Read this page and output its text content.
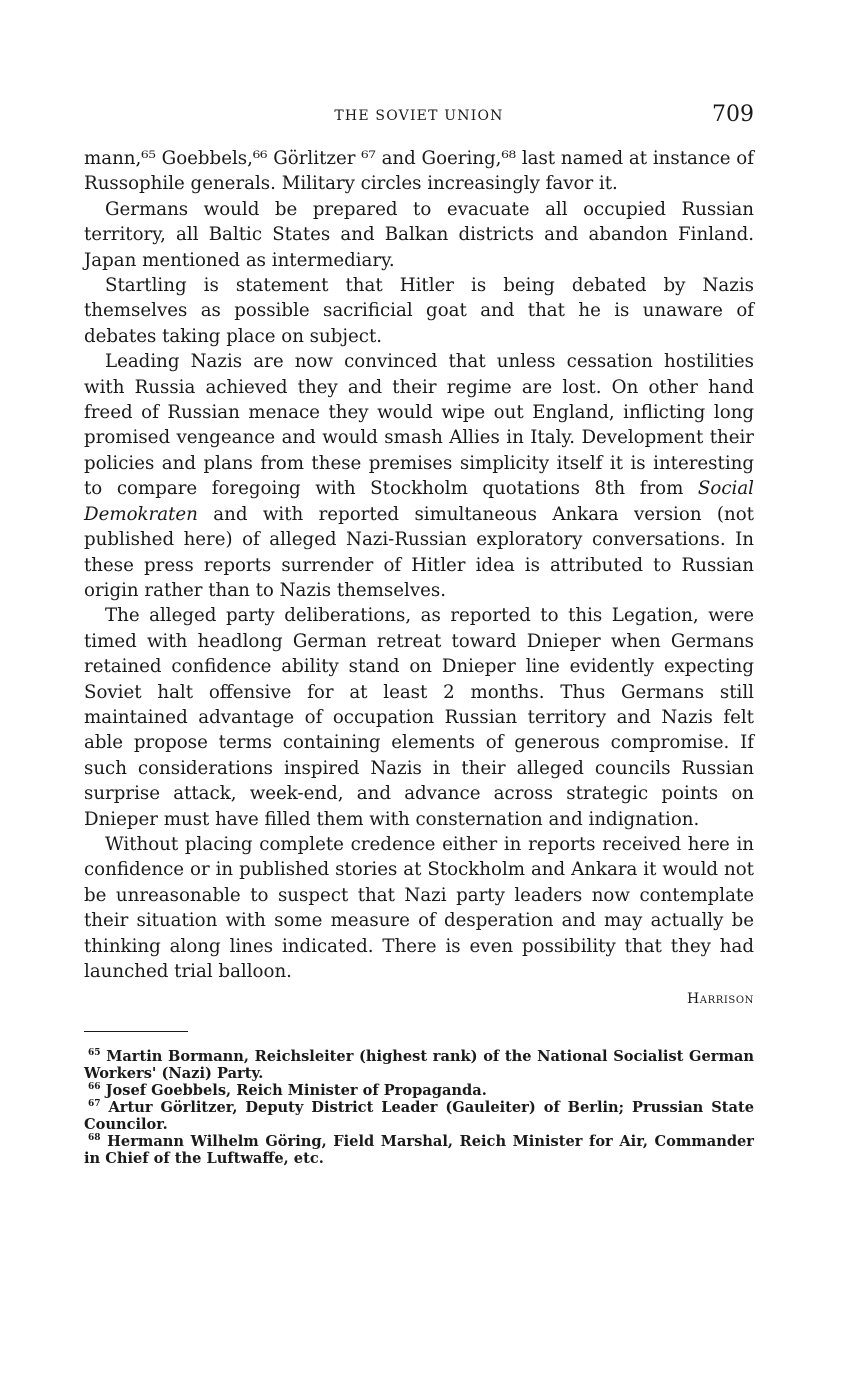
THE SOVIET UNION	709

mann,⁶⁵ Goebbels,⁶⁶ Görlitzer ⁶⁷ and Goering,⁶⁸ last named at instance of Russophile generals. Military circles increasingly favor it.

Germans would be prepared to evacuate all occupied Russian territory, all Baltic States and Balkan districts and abandon Finland. Japan mentioned as intermediary.

Startling is statement that Hitler is being debated by Nazis themselves as possible sacrificial goat and that he is unaware of debates taking place on subject.

Leading Nazis are now convinced that unless cessation hostilities with Russia achieved they and their regime are lost. On other hand freed of Russian menace they would wipe out England, inflicting long promised vengeance and would smash Allies in Italy. Development their policies and plans from these premises simplicity itself it is interesting to compare foregoing with Stockholm quotations 8th from Social Demokraten and with reported simultaneous Ankara version (not published here) of alleged Nazi-Russian exploratory conversations. In these press reports surrender of Hitler idea is attributed to Russian origin rather than to Nazis themselves.

The alleged party deliberations, as reported to this Legation, were timed with headlong German retreat toward Dnieper when Germans retained confidence ability stand on Dnieper line evidently expecting Soviet halt offensive for at least 2 months. Thus Germans still maintained advantage of occupation Russian territory and Nazis felt able propose terms containing elements of generous compromise. If such considerations inspired Nazis in their alleged councils Russian surprise attack, week-end, and advance across strategic points on Dnieper must have filled them with consternation and indignation.

Without placing complete credence either in reports received here in confidence or in published stories at Stockholm and Ankara it would not be unreasonable to suspect that Nazi party leaders now contemplate their situation with some measure of desperation and may actually be thinking along lines indicated. There is even possibility that they had launched trial balloon.

Harrison

$^{65}$ Martin Bormann, Reichsleiter (highest rank) of the National Socialist German Workers' (Nazi) Party.

$^{66}$ Josef Goebbels, Reich Minister of Propaganda.

$^{67}$ Artur Görlitzer, Deputy District Leader (Gauleiter) of Berlin; Prussian State Councilor.

$^{68}$ Hermann Wilhelm Göring, Field Marshal, Reich Minister for Air, Commander in Chief of the Luftwaffe, etc.
